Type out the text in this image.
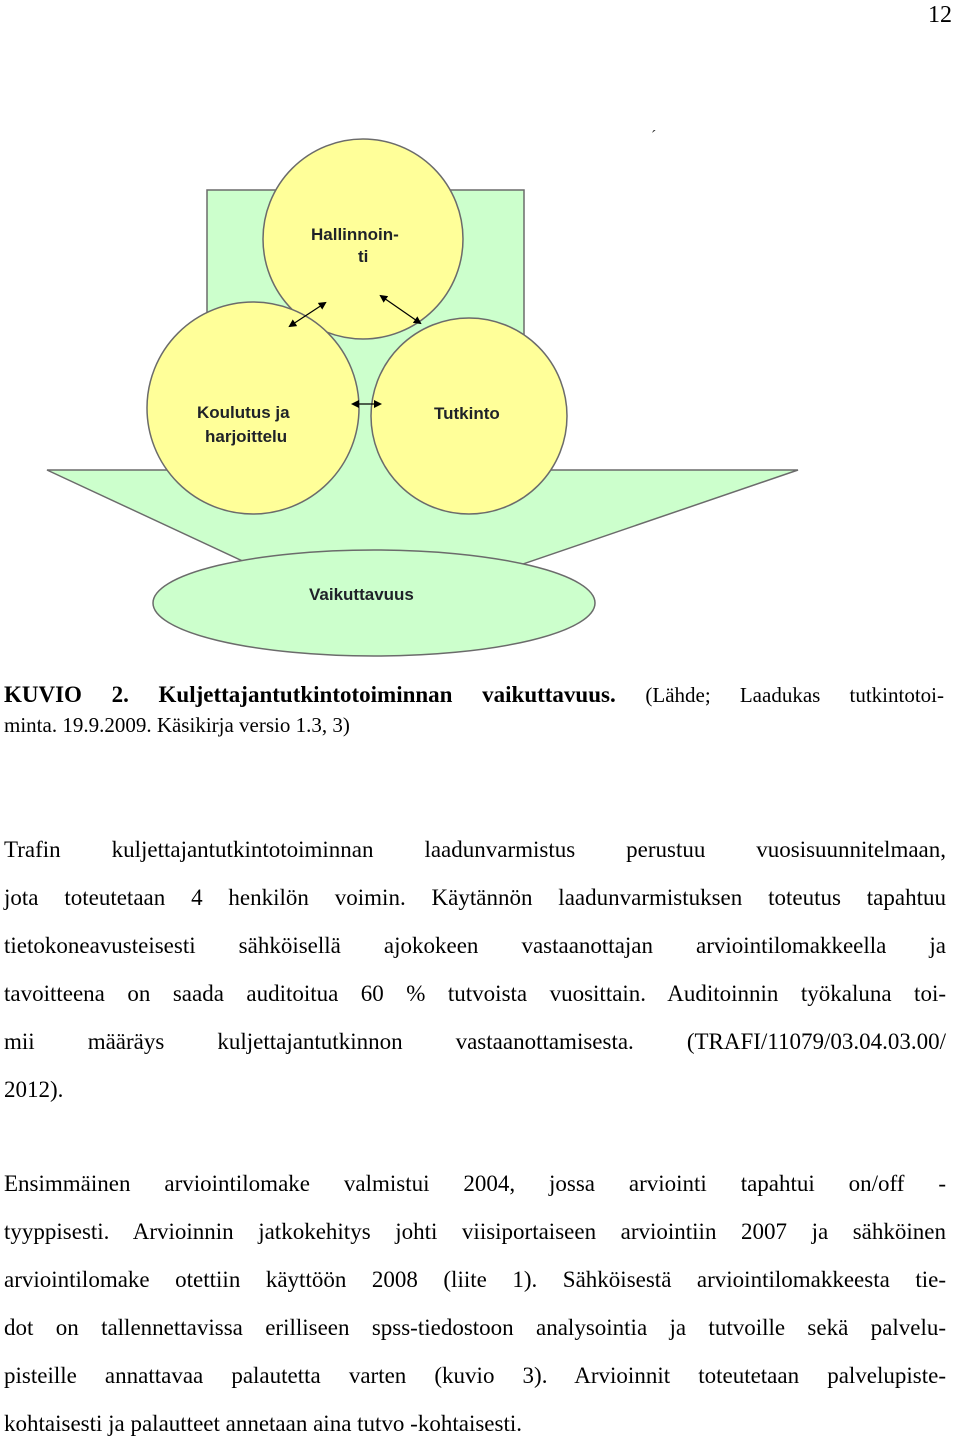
12
ˊ
Hallinnoin-
ti
Koulutus ja
harjoittelu
Tutkinto
Vaikuttavuus
KUVIO 2. Kuljettajantutkintotoiminnan vaikuttavuus. (Lähde; Laadukas tutkintotoi-
minta. 19.9.2009. Käsikirja versio 1.3, 3)
Trafin kuljettajantutkintotoiminnan laadunvarmistus perustuu vuosisuunnitelmaan,
jota toteutetaan 4 henkilön voimin. Käytännön laadunvarmistuksen toteutus tapahtuu
tietokoneavusteisesti sähköisellä ajokokeen vastaanottajan arviointilomakkeella ja
tavoitteena on saada auditoitua 60 % tutvoista vuosittain. Auditoinnin työkaluna toi-
mii määräys kuljettajantutkinnon vastaanottamisesta. (TRAFI/11079/03.04.03.00/
2012).
Ensimmäinen arviointilomake valmistui 2004, jossa arviointi tapahtui on/off -
tyyppisesti. Arvioinnin jatkokehitys johti viisiportaiseen arviointiin 2007 ja sähköinen
arviointilomake otettiin käyttöön 2008 (liite 1). Sähköisestä arviointilomakkeesta tie-
dot on tallennettavissa erilliseen spss-tiedostoon analysointia ja tutvoille sekä palvelu-
pisteille annattavaa palautetta varten (kuvio 3). Arvioinnit toteutetaan palvelupiste-
kohtaisesti ja palautteet annetaan aina tutvo -kohtaisesti.
